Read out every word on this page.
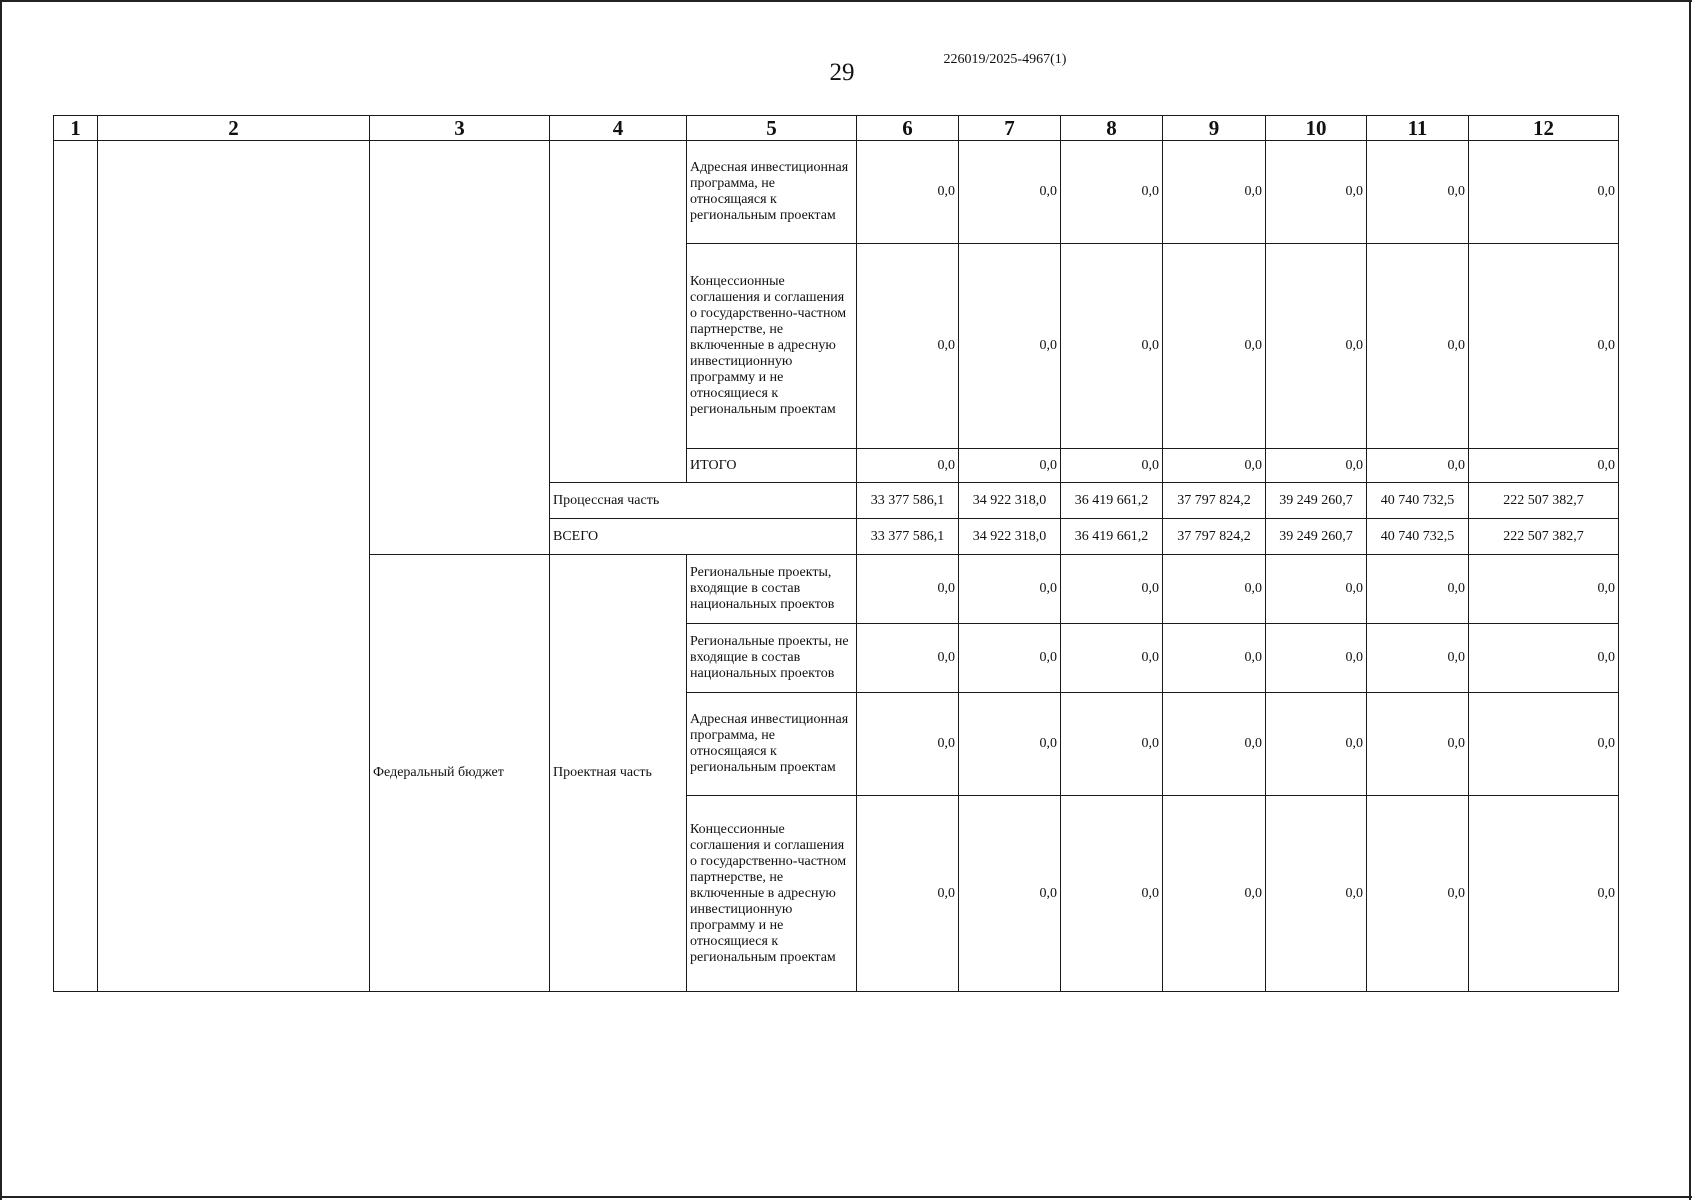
29	226019/2025-4967(1)
1	2	3	4	5	6	7	8	9	10	11	12
				Адресная инвестиционная программа, не относящаяся к региональным проектам	0,0	0,0	0,0	0,0	0,0	0,0	0,0
				Концессионные соглашения и соглашения о государственно-частном партнерстве, не включенные в адресную инвестиционную программу и не относящиеся к региональным проектам	0,0	0,0	0,0	0,0	0,0	0,0	0,0
				ИТОГО	0,0	0,0	0,0	0,0	0,0	0,0	0,0

			Процессная часть		33 377 586,1	34 922 318,0	36 419 661,2	37 797 824,2	39 249 260,7	40 740 732,5	222 507 382,7
			ВСЕГО		33 377 586,1	34 922 318,0	36 419 661,2	37 797 824,2	39 249 260,7	40 740 732,5	222 507 382,7
		Федеральный бюджет	Проектная часть	Региональные проекты, входящие в состав национальных проектов	0,0	0,0	0,0	0,0	0,0	0,0	0,0
				Региональные проекты, не входящие в состав национальных проектов	0,0	0,0	0,0	0,0	0,0	0,0	0,0
				Адресная инвестиционная программа, не относящаяся к региональным проектам	0,0	0,0	0,0	0,0	0,0	0,0	0,0
				Концессионные соглашения и соглашения о государственно-частном партнерстве, не включенные в адресную инвестиционную программу и не относящиеся к региональным проектам	0,0	0,0	0,0	0,0	0,0	0,0	0,0
